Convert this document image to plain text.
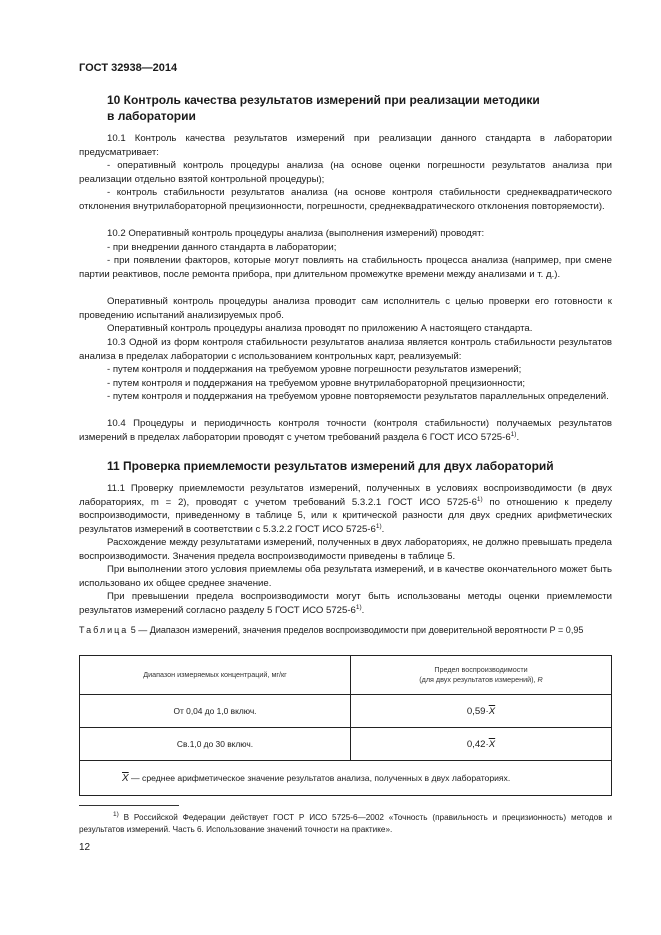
ГОСТ 32938—2014
10 Контроль качества результатов измерений при реализации методики
в лаборатории

10.1 Контроль качества результатов измерений при реализации данного стандарта в лаборатории предусматривает:

- оперативный контроль процедуры анализа (на основе оценки погрешности результатов анализа при реализации отдельно взятой контрольной процедуры);

- контроль стабильности результатов анализа (на основе контроля стабильности среднеквадратического отклонения внутрилабораторной прецизионности, погрешности, среднеквадратического отклонения повторяемости).

10.2 Оперативный контроль процедуры анализа (выполнения измерений) проводят:

- при внедрении данного стандарта в лаборатории;

- при появлении факторов, которые могут повлиять на стабильность процесса анализа (например, при смене партии реактивов, после ремонта прибора, при длительном промежутке времени между анализами и т. д.).

Оперативный контроль процедуры анализа проводит сам исполнитель с целью проверки его готовности к проведению испытаний анализируемых проб.

Оперативный контроль процедуры анализа проводят по приложению А настоящего стандарта.

10.3 Одной из форм контроля стабильности результатов анализа является контроль стабильности результатов анализа в пределах лаборатории с использованием контрольных карт, реализуемый:

- путем контроля и поддержания на требуемом уровне погрешности результатов измерений;

- путем контроля и поддержания на требуемом уровне внутрилабораторной прецизионности;

- путем контроля и поддержания на требуемом уровне повторяемости результатов параллельных определений.

10.4 Процедуры и периодичность контроля точности (контроля стабильности) получаемых результатов измерений в пределах лаборатории проводят с учетом требований раздела 6 ГОСТ ИСО 5725-6$^{1)}$.

11 Проверка приемлемости результатов измерений для двух лабораторий

11.1 Проверку приемлемости результатов измерений, полученных в условиях воспроизводимости (в двух лабораториях, m = 2), проводят с учетом требований 5.3.2.1 ГОСТ ИСО 5725-6$^{1)}$ по отношению к пределу воспроизводимости, приведенному в таблице 5, или к критической разности для двух средних арифметических результатов измерений в соответствии с 5.3.2.2 ГОСТ ИСО 5725-6$^{1)}$.

Расхождение между результатами измерений, полученных в двух лабораториях, не должно превышать предела воспроизводимости. Значения предела воспроизводимости приведены в таблице 5.

При выполнении этого условия приемлемы оба результата измерений, и в качестве окончательного может быть использовано их общее среднее значение.

При превышении предела воспроизводимости могут быть использованы методы оценки приемлемости результатов измерений согласно разделу 5 ГОСТ ИСО 5725-6$^{1)}$.

Таблица 5 — Диапазон измерений, значения пределов воспроизводимости при доверительной вероятности Р = 0,95
Диапазон измеряемых концентраций, мг/кг	Предел воспроизводимости
(для двух результатов измерений), R

От 0,04 до 1,0 включ.	$0,59\cdot\overline{X}$
Св.1,0 до 30 включ.	$0,42\cdot\overline{X}$
$\overline{X}$ — среднее арифметическое значение результатов анализа, полученных в двух лабораториях.	
$^{1)}$ В Российской Федерации действует ГОСТ Р ИСО 5725-6—2002 «Точность (правильность и прецизионность) методов и результатов измерений. Часть 6. Использование значений точности на практике».
12
